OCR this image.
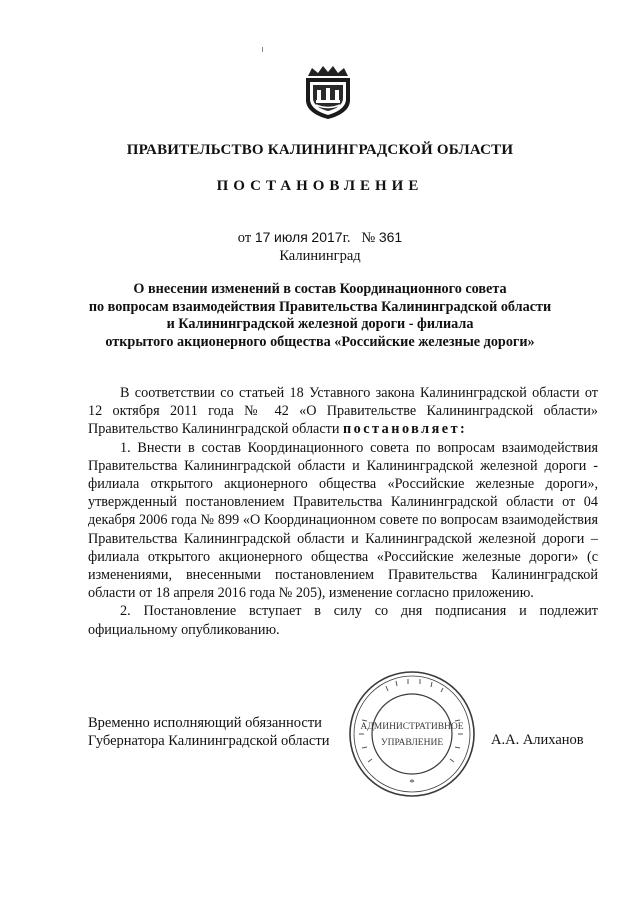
ПРАВИТЕЛЬСТВО КАЛИНИНГРАДСКОЙ ОБЛАСТИ
ПОСТАНОВЛЕНИЕ
от 17 июля 2017г. № 361
Калининград
О внесении изменений в состав Координационного совета
по вопросам взаимодействия Правительства Калининградской области
и Калининградской железной дороги - филиала
открытого акционерного общества «Российские железные дороги»

В соответствии со статьей 18 Уставного закона Калининградской области от 12 октября 2011 года № 42 «О Правительстве Калининградской области» Правительство Калининградской области постановляет:

1. Внести в состав Координационного совета по вопросам взаимодействия Правительства Калининградской области и Калининградской железной дороги - филиала открытого акционерного общества «Российские железные дороги», утвержденный постановлением Правительства Калининградской области от 04 декабря 2006 года № 899 «О Координационном совете по вопросам взаимодействия Правительства Калининградской области и Калининградской железной дороги – филиала открытого акционерного общества «Российские железные дороги» (с изменениями, внесенными постановлением Правительства Калининградской области от 18 апреля 2016 года № 205), изменение согласно приложению.

2. Постановление вступает в силу со дня подписания и подлежит официальному опубликованию.

Временно исполняющий обязанности
Губернатора Калининградской области
АДМИНИСТРАТИВНОЕ
УПРАВЛЕНИЕ
*
А.А. Алиханов
